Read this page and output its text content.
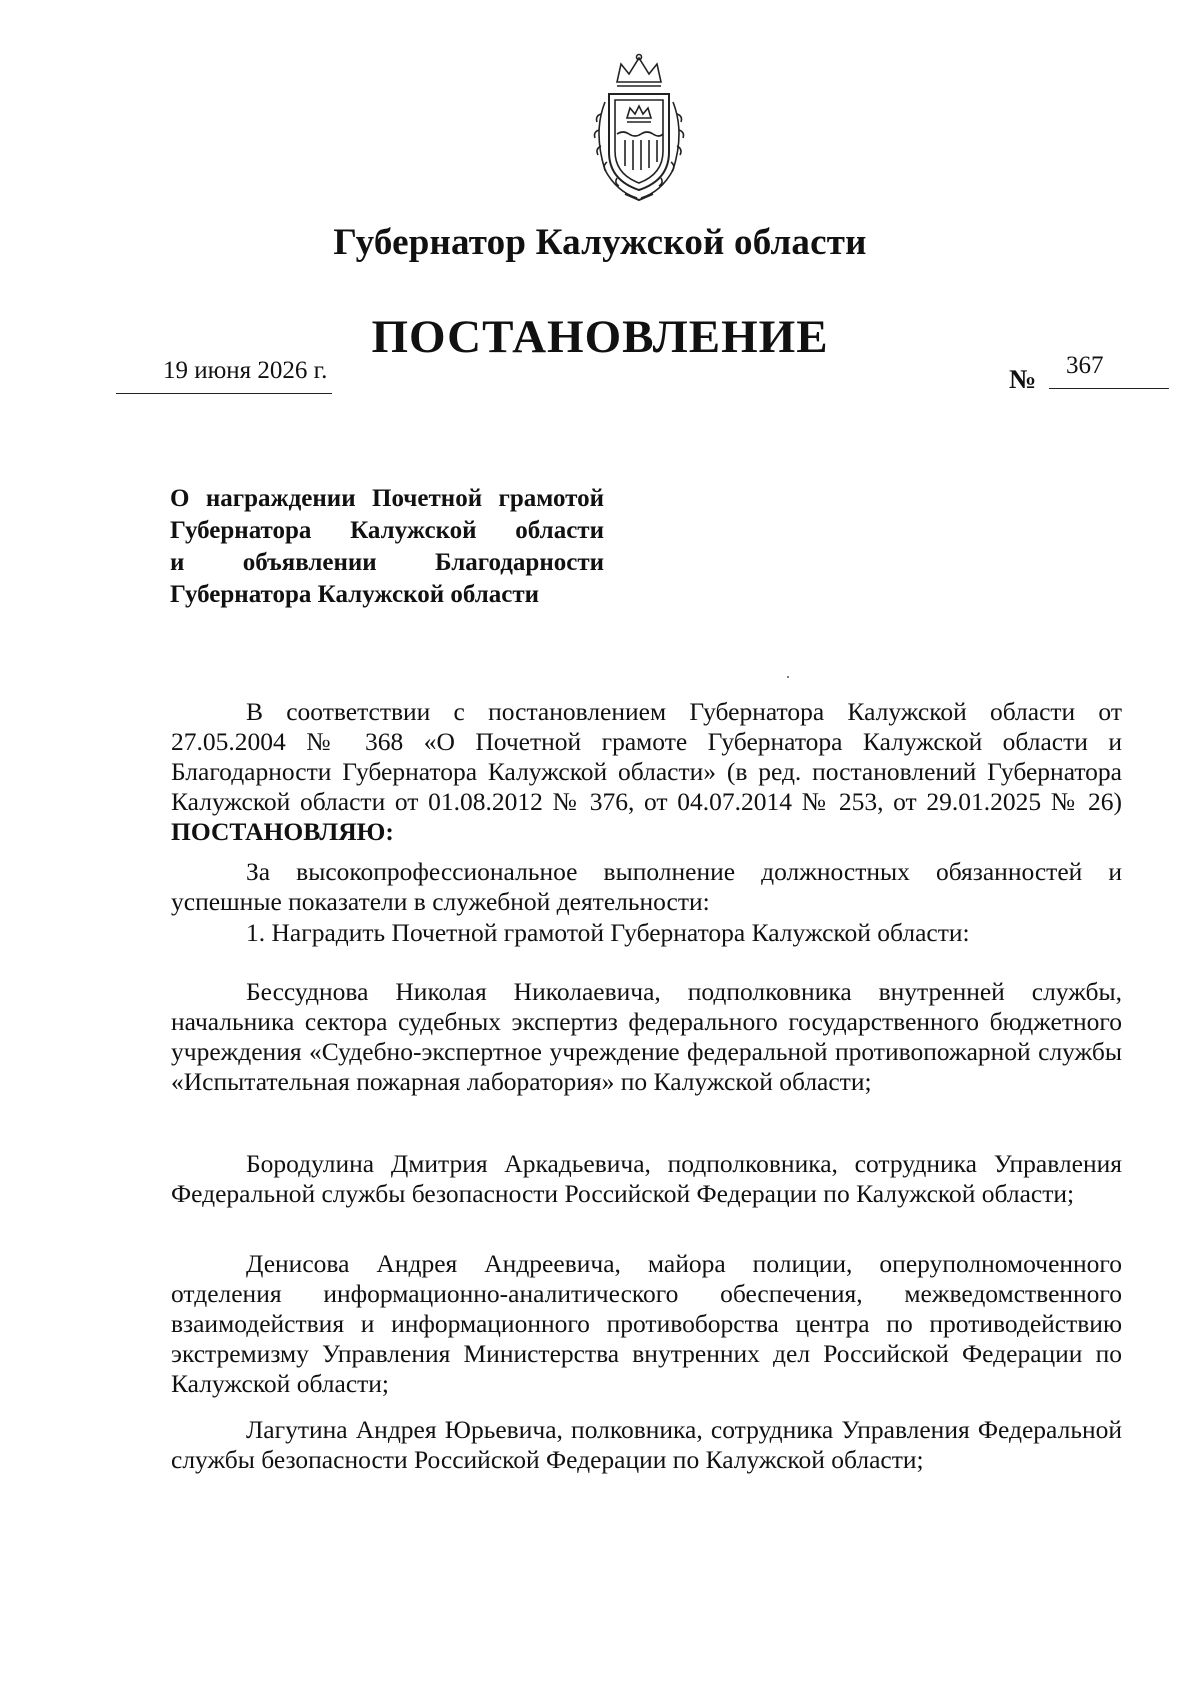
Губернатор Калужской области
ПОСТАНОВЛЕНИЕ
19 июня 2026 г.	№ 367
О награждении Почетной грамотой
Губернатора Калужской области
и объявлении Благодарности
Губернатора Калужской области

В соответствии с постановлением Губернатора Калужской области от 27.05.2004 № 368 «О Почетной грамоте Губернатора Калужской области и Благодарности Губернатора Калужской области» (в ред. постановлений Губернатора Калужской области от 01.08.2012 № 376, от 04.07.2014 № 253, от 29.01.2025 № 26) ПОСТАНОВЛЯЮ:

За высокопрофессиональное выполнение должностных обязанностей и успешные показатели в служебной деятельности:

1. Наградить Почетной грамотой Губернатора Калужской области:

Бессуднова Николая Николаевича, подполковника внутренней службы, начальника сектора судебных экспертиз федерального государственного бюджетного учреждения «Судебно-экспертное учреждение федеральной противопожарной службы «Испытательная пожарная лаборатория» по Калужской области;

Бородулина Дмитрия Аркадьевича, подполковника, сотрудника Управления Федеральной службы безопасности Российской Федерации по Калужской области;

Денисова Андрея Андреевича, майора полиции, оперуполномоченного отделения информационно-аналитического обеспечения, межведомственного взаимодействия и информационного противоборства центра по противодействию экстремизму Управления Министерства внутренних дел Российской Федерации по Калужской области;

Лагутина Андрея Юрьевича, полковника, сотрудника Управления Федеральной службы безопасности Российской Федерации по Калужской области;
